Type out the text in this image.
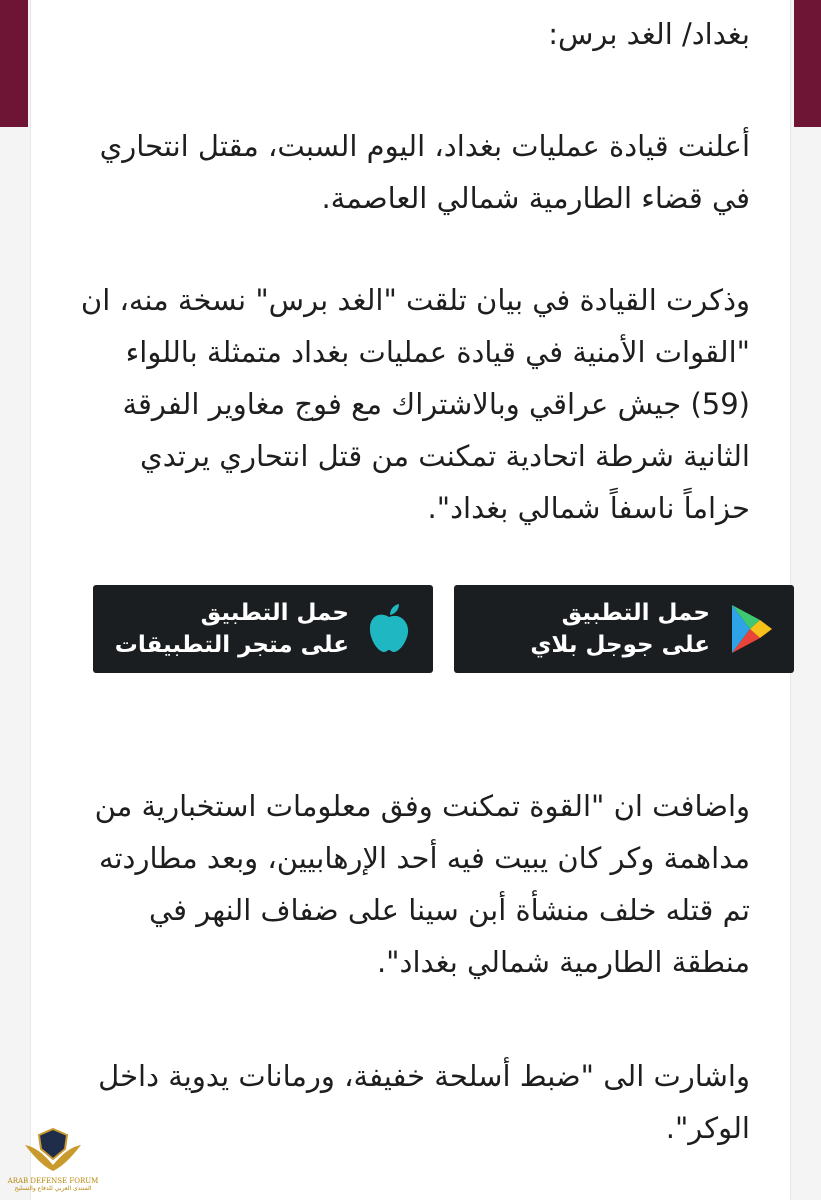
بغداد/ الغد برس:

أعلنت قيادة عمليات بغداد، اليوم السبت، مقتل انتحاري في قضاء الطارمية شمالي العاصمة.

وذكرت القيادة في بيان تلقت "الغد برس" نسخة منه، ان "القوات الأمنية في قيادة عمليات بغداد متمثلة باللواء (59) جيش عراقي وبالاشتراك مع فوج مغاوير الفرقة الثانية شرطة اتحادية تمكنت من قتل انتحاري يرتدي حزاماً ناسفاً شمالي بغداد".

حمل التطبيق
على جوجل بلاي
حمل التطبيق
على متجر التطبيقات

واضافت ان "القوة تمكنت وفق معلومات استخبارية من مداهمة وكر كان يبيت فيه أحد الإرهابيين، وبعد مطاردته تم قتله خلف منشأة أبن سينا على ضفاف النهر في منطقة الطارمية شمالي بغداد".

واشارت الى "ضبط أسلحة خفيفة، ورمانات يدوية داخل الوكر".

ARAB DEFENSE FORUM
المنتدى العربي للدفاع والتسليح
